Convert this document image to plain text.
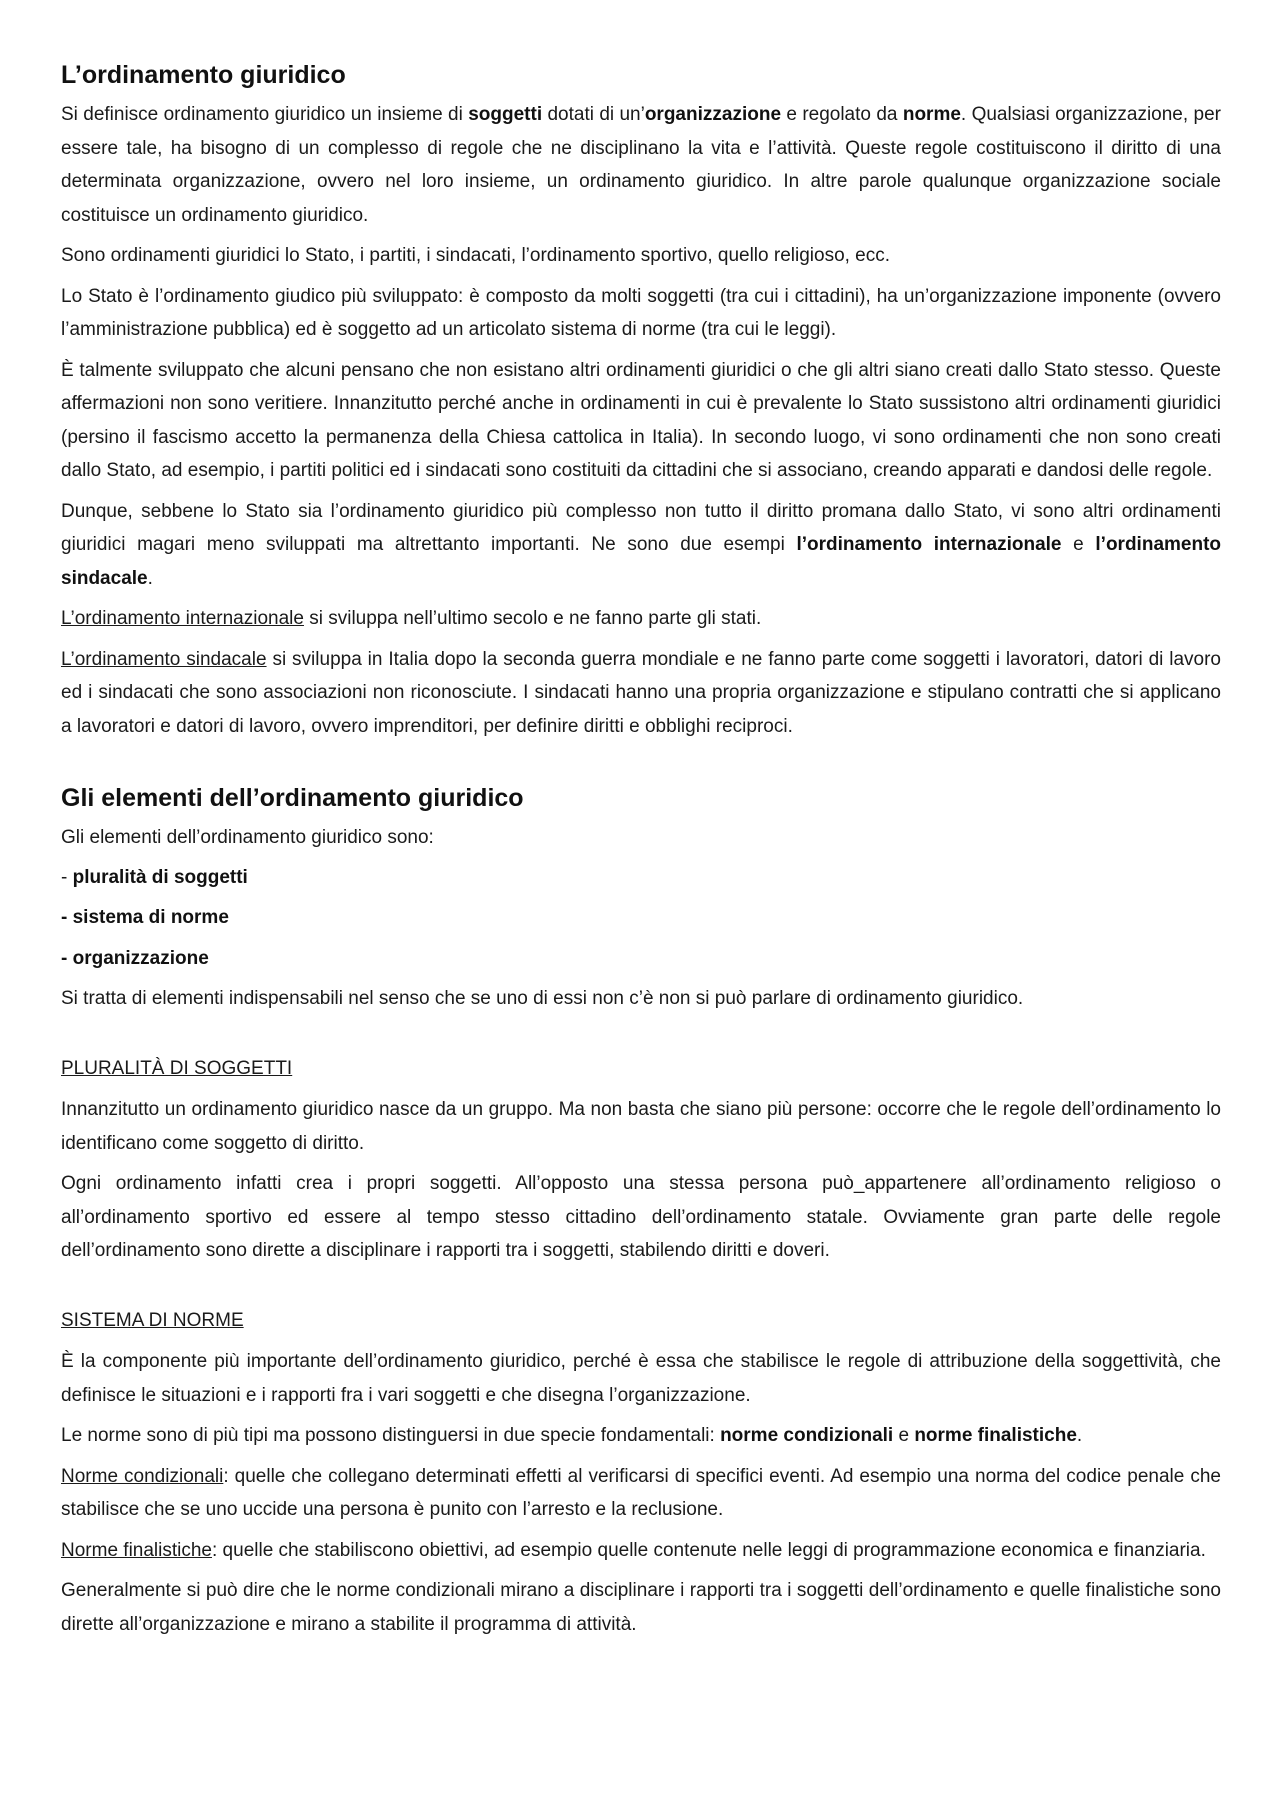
L’ordinamento giuridico

Si definisce ordinamento giuridico un insieme di soggetti dotati di un’organizzazione e regolato da norme. Qualsiasi organizzazione, per essere tale, ha bisogno di un complesso di regole che ne disciplinano la vita e l’attività. Queste regole costituiscono il diritto di una determinata organizzazione, ovvero nel loro insieme, un ordinamento giuridico. In altre parole qualunque organizzazione sociale costituisce un ordinamento giuridico.

Sono ordinamenti giuridici lo Stato, i partiti, i sindacati, l’ordinamento sportivo, quello religioso, ecc.

Lo Stato è l’ordinamento giudico più sviluppato: è composto da molti soggetti (tra cui i cittadini), ha un’organizzazione imponente (ovvero l’amministrazione pubblica) ed è soggetto ad un articolato sistema di norme (tra cui le leggi).

È talmente sviluppato che alcuni pensano che non esistano altri ordinamenti giuridici o che gli altri siano creati dallo Stato stesso. Queste affermazioni non sono veritiere. Innanzitutto perché anche in ordinamenti in cui è prevalente lo Stato sussistono altri ordinamenti giuridici (persino il fascismo accetto la permanenza della Chiesa cattolica in Italia). In secondo luogo, vi sono ordinamenti che non sono creati dallo Stato, ad esempio, i partiti politici ed i sindacati sono costituiti da cittadini che si associano, creando apparati e dandosi delle regole.

Dunque, sebbene lo Stato sia l’ordinamento giuridico più complesso non tutto il diritto promana dallo Stato, vi sono altri ordinamenti giuridici magari meno sviluppati ma altrettanto importanti. Ne sono due esempi l’ordinamento internazionale e l’ordinamento sindacale.

L’ordinamento internazionale si sviluppa nell’ultimo secolo e ne fanno parte gli stati.

L’ordinamento sindacale si sviluppa in Italia dopo la seconda guerra mondiale e ne fanno parte come soggetti i lavoratori, datori di lavoro ed i sindacati che sono associazioni non riconosciute. I sindacati hanno una propria organizzazione e stipulano contratti che si applicano a lavoratori e datori di lavoro, ovvero imprenditori, per definire diritti e obblighi reciproci.

Gli elementi dell’ordinamento giuridico

Gli elementi dell’ordinamento giuridico sono:

- pluralità di soggetti

- sistema di norme

- organizzazione

Si tratta di elementi indispensabili nel senso che se uno di essi non c’è non si può parlare di ordinamento giuridico.

PLURALITÀ DI SOGGETTI

Innanzitutto un ordinamento giuridico nasce da un gruppo. Ma non basta che siano più persone: occorre che le regole dell’ordinamento lo identificano come soggetto di diritto.

Ogni ordinamento infatti crea i propri soggetti. All’opposto una stessa persona può_appartenere all’ordinamento religioso o all’ordinamento sportivo ed essere al tempo stesso cittadino dell’ordinamento statale. Ovviamente gran parte delle regole dell’ordinamento sono dirette a disciplinare i rapporti tra i soggetti, stabilendo diritti e doveri.

SISTEMA DI NORME

È la componente più importante dell’ordinamento giuridico, perché è essa che stabilisce le regole di attribuzione della soggettività, che definisce le situazioni e i rapporti fra i vari soggetti e che disegna l’organizzazione.

Le norme sono di più tipi ma possono distinguersi in due specie fondamentali: norme condizionali e norme finalistiche.

Norme condizionali: quelle che collegano determinati effetti al verificarsi di specifici eventi. Ad esempio una norma del codice penale che stabilisce che se uno uccide una persona è punito con l’arresto e la reclusione.

Norme finalistiche: quelle che stabiliscono obiettivi, ad esempio quelle contenute nelle leggi di programmazione economica e finanziaria.

Generalmente si può dire che le norme condizionali mirano a disciplinare i rapporti tra i soggetti dell’ordinamento e quelle finalistiche sono dirette all’organizzazione e mirano a stabilite il programma di attività.
